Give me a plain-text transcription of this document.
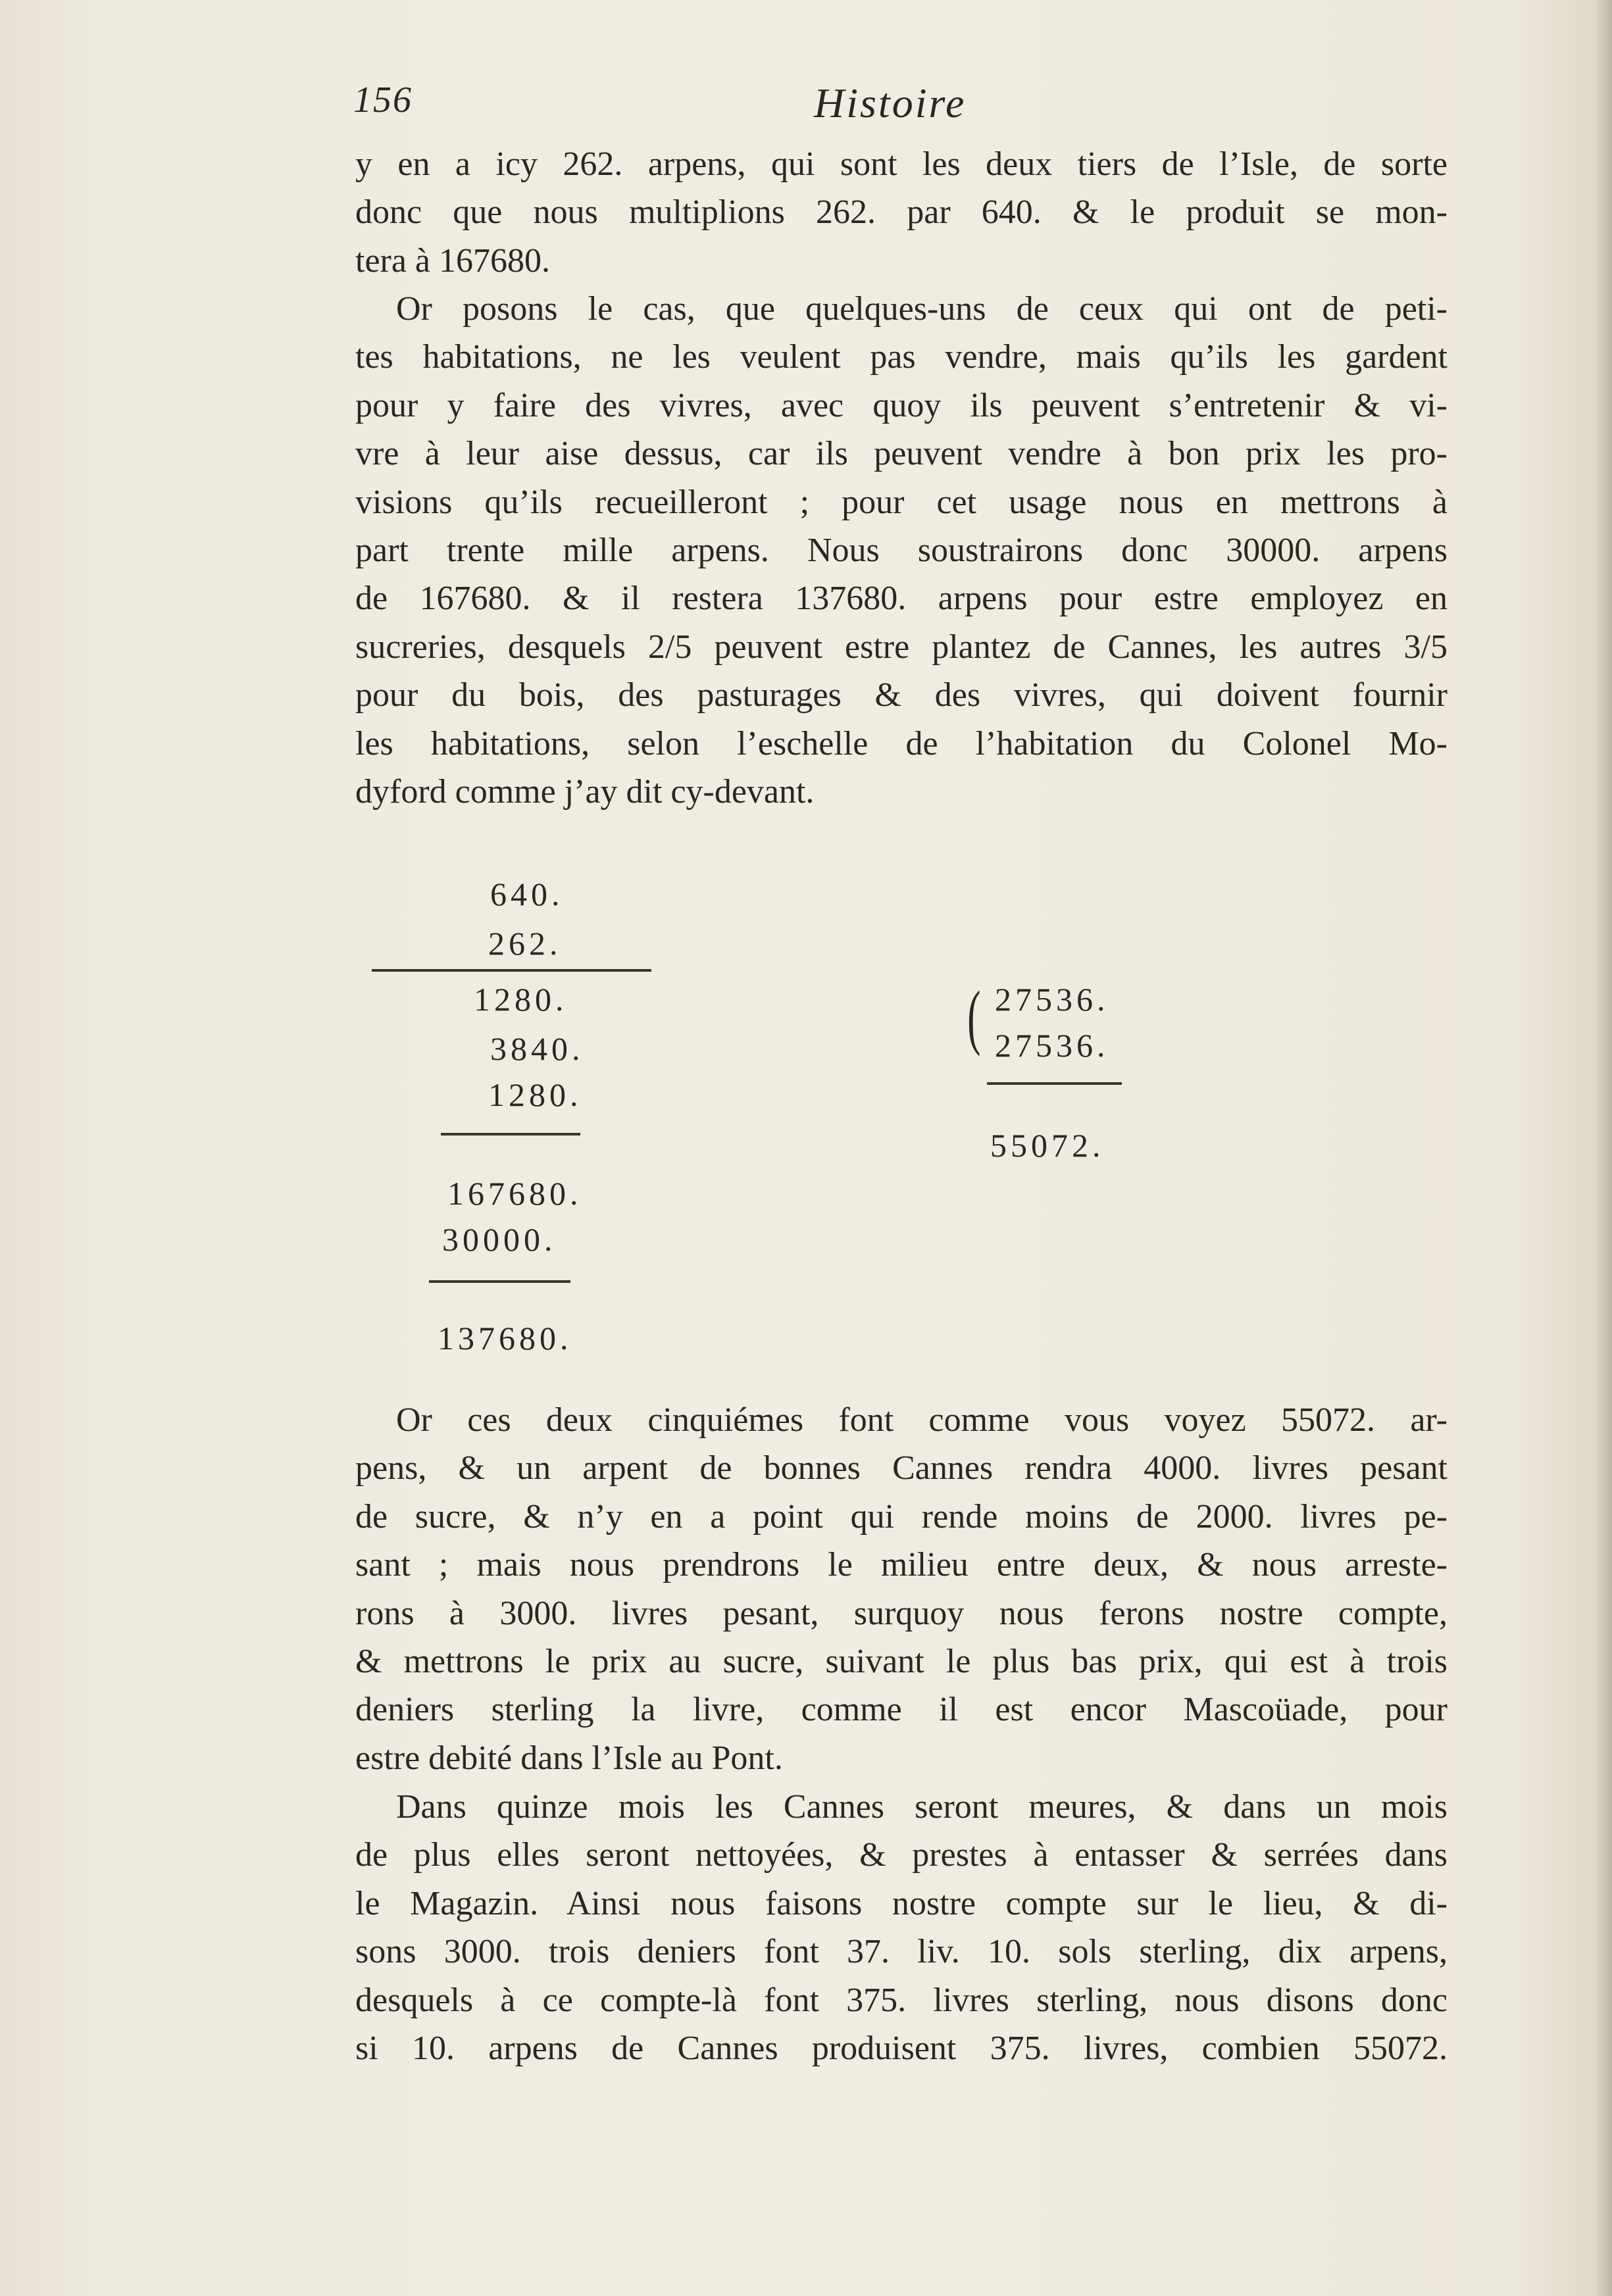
156	Histoire
y en a icy 262. arpens, qui sont les deux tiers de l’Isle, de sorte
donc que nous multiplions 262. par 640. & le produit se mon-
tera à 167680.
Or posons le cas, que quelques-uns de ceux qui ont de peti-
tes habitations, ne les veulent pas vendre, mais qu’ils les gardent
pour y faire des vivres, avec quoy ils peuvent s’entretenir & vi-
vre à leur aise dessus, car ils peuvent vendre à bon prix les pro-
visions qu’ils recueilleront ; pour cet usage nous en mettrons à
part trente mille arpens. Nous soustrairons donc 30000. arpens
de 167680. & il restera 137680. arpens pour estre employez en
sucreries, desquels 2/5 peuvent estre plantez de Cannes, les autres 3/5
pour du bois, des pasturages & des vivres, qui doivent fournir
les habitations, selon l’eschelle de l’habitation du Colonel Mo-
dyford comme j’ay dit cy-devant.
640.
262.
1280.
3840.
1280.
167680.
30000.
137680.
( 27536.
27536.
55072.
Or ces deux cinquiémes font comme vous voyez 55072. ar-
pens, & un arpent de bonnes Cannes rendra 4000. livres pesant
de sucre, & n’y en a point qui rende moins de 2000. livres pe-
sant ; mais nous prendrons le milieu entre deux, & nous arreste-
rons à 3000. livres pesant, surquoy nous ferons nostre compte,
& mettrons le prix au sucre, suivant le plus bas prix, qui est à trois
deniers sterling la livre, comme il est encor Mascoüade, pour
estre debité dans l’Isle au Pont.
Dans quinze mois les Cannes seront meures, & dans un mois
de plus elles seront nettoyées, & prestes à entasser & serrées dans
le Magazin. Ainsi nous faisons nostre compte sur le lieu, & di-
sons 3000. trois deniers font 37. liv. 10. sols sterling, dix arpens,
desquels à ce compte-là font 375. livres sterling, nous disons donc
si 10. arpens de Cannes produisent 375. livres, combien 55072.
